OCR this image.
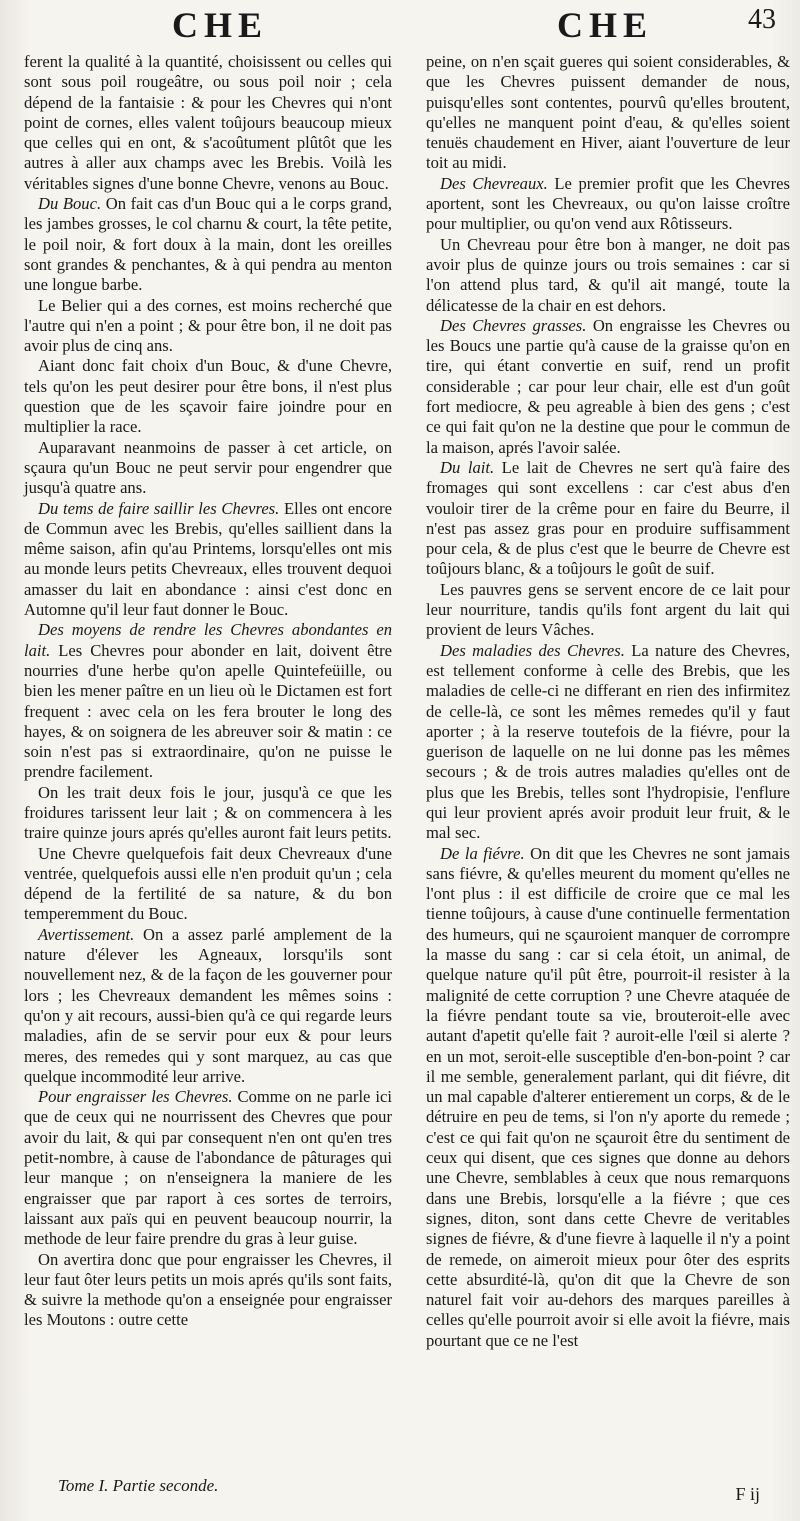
CHE	CHE	43

ferent la qualité à la quantité, choisissent ou celles qui sont sous poil rougeâtre, ou sous poil noir ; cela dépend de la fantaisie : & pour les Chevres qui n'ont point de cornes, elles valent toûjours beaucoup mieux que celles qui en ont, & s'acoûtument plûtôt que les autres à aller aux champs avec les Brebis. Voilà les véritables signes d'une bonne Chevre, venons au Bouc.

Du Bouc. On fait cas d'un Bouc qui a le corps grand, les jambes grosses, le col charnu & court, la tête petite, le poil noir, & fort doux à la main, dont les oreilles sont grandes & penchantes, & à qui pendra au menton une longue barbe.

Le Belier qui a des cornes, est moins recherché que l'autre qui n'en a point ; & pour être bon, il ne doit pas avoir plus de cinq ans.

Aiant donc fait choix d'un Bouc, & d'une Chevre, tels qu'on les peut desirer pour être bons, il n'est plus question que de les sçavoir faire joindre pour en multiplier la race.

Auparavant neanmoins de passer à cet article, on sçaura qu'un Bouc ne peut servir pour engendrer que jusqu'à quatre ans.

Du tems de faire saillir les Chevres. Elles ont encore de Commun avec les Brebis, qu'elles saillient dans la même saison, afin qu'au Printems, lorsqu'elles ont mis au monde leurs petits Chevreaux, elles trouvent dequoi amasser du lait en abondance : ainsi c'est donc en Automne qu'il leur faut donner le Bouc.

Des moyens de rendre les Chevres abondantes en lait. Les Chevres pour abonder en lait, doivent être nourries d'une herbe qu'on apelle Quintefeüille, ou bien les mener paître en un lieu où le Dictamen est fort frequent : avec cela on les fera brouter le long des hayes, & on soignera de les abreuver soir & matin : ce soin n'est pas si extraordinaire, qu'on ne puisse le prendre facilement.

On les trait deux fois le jour, jusqu'à ce que les froidures tarissent leur lait ; & on commencera à les traire quinze jours aprés qu'elles auront fait leurs petits.

Une Chevre quelquefois fait deux Chevreaux d'une ventrée, quelquefois aussi elle n'en produit qu'un ; cela dépend de la fertilité de sa nature, & du bon temperemment du Bouc.

Avertissement. On a assez parlé amplement de la nature d'élever les Agneaux, lorsqu'ils sont nouvellement nez, & de la façon de les gouverner pour lors ; les Chevreaux demandent les mêmes soins : qu'on y ait recours, aussi-bien qu'à ce qui regarde leurs maladies, afin de se servir pour eux & pour leurs meres, des remedes qui y sont marquez, au cas que quelque incommodité leur arrive.

Pour engraisser les Chevres. Comme on ne parle ici que de ceux qui ne nourrissent des Chevres que pour avoir du lait, & qui par consequent n'en ont qu'en tres petit-nombre, à cause de l'abondance de pâturages qui leur manque ; on n'enseignera la maniere de les engraisser que par raport à ces sortes de terroirs, laissant aux païs qui en peuvent beaucoup nourrir, la methode de leur faire prendre du gras à leur guise.

On avertira donc que pour engraisser les Chevres, il leur faut ôter leurs petits un mois aprés qu'ils sont faits, & suivre la methode qu'on a enseignée pour engraisser les Moutons : outre cette

peine, on n'en sçait gueres qui soient considerables, & que les Chevres puissent demander de nous, puisqu'elles sont contentes, pourvû qu'elles broutent, qu'elles ne manquent point d'eau, & qu'elles soient tenuës chaudement en Hiver, aiant l'ouverture de leur toit au midi.

Des Chevreaux. Le premier profit que les Chevres aportent, sont les Chevreaux, ou qu'on laisse croître pour multiplier, ou qu'on vend aux Rôtisseurs.

Un Chevreau pour être bon à manger, ne doit pas avoir plus de quinze jours ou trois semaines : car si l'on attend plus tard, & qu'il ait mangé, toute la délicatesse de la chair en est dehors.

Des Chevres grasses. On engraisse les Chevres ou les Boucs une partie qu'à cause de la graisse qu'on en tire, qui étant convertie en suif, rend un profit considerable ; car pour leur chair, elle est d'un goût fort mediocre, & peu agreable à bien des gens ; c'est ce qui fait qu'on ne la destine que pour le commun de la maison, aprés l'avoir salée.

Du lait. Le lait de Chevres ne sert qu'à faire des fromages qui sont excellens : car c'est abus d'en vouloir tirer de la crême pour en faire du Beurre, il n'est pas assez gras pour en produire suffisamment pour cela, & de plus c'est que le beurre de Chevre est toûjours blanc, & a toûjours le goût de suif.

Les pauvres gens se servent encore de ce lait pour leur nourriture, tandis qu'ils font argent du lait qui provient de leurs Vâches.

Des maladies des Chevres. La nature des Chevres, est tellement conforme à celle des Brebis, que les maladies de celle-ci ne differant en rien des infirmitez de celle-là, ce sont les mêmes remedes qu'il y faut aporter ; à la reserve toutefois de la fiévre, pour la guerison de laquelle on ne lui donne pas les mêmes secours ; & de trois autres maladies qu'elles ont de plus que les Brebis, telles sont l'hydropisie, l'enflure qui leur provient aprés avoir produit leur fruit, & le mal sec.

De la fiévre. On dit que les Chevres ne sont jamais sans fiévre, & qu'elles meurent du moment qu'elles ne l'ont plus : il est difficile de croire que ce mal les tienne toûjours, à cause d'une continuelle fermentation des humeurs, qui ne sçauroient manquer de corrompre la masse du sang : car si cela étoit, un animal, de quelque nature qu'il pût être, pourroit-il resister à la malignité de cette corruption ? une Chevre ataquée de la fiévre pendant toute sa vie, brouteroit-elle avec autant d'apetit qu'elle fait ? auroit-elle l'œil si alerte ? en un mot, seroit-elle susceptible d'en-bon-point ? car il me semble, generalement parlant, qui dit fiévre, dit un mal capable d'alterer entierement un corps, & de le détruire en peu de tems, si l'on n'y aporte du remede ; c'est ce qui fait qu'on ne sçauroit être du sentiment de ceux qui disent, que ces signes que donne au dehors une Chevre, semblables à ceux que nous remarquons dans une Brebis, lorsqu'elle a la fiévre ; que ces signes, diton, sont dans cette Chevre de veritables signes de fiévre, & d'une fievre à laquelle il n'y a point de remede, on aimeroit mieux pour ôter des esprits cette absurdité-là, qu'on dit que la Chevre de son naturel fait voir au-dehors des marques pareilles à celles qu'elle pourroit avoir si elle avoit la fiévre, mais pourtant que ce ne l'est

Tome I. Partie seconde.	F ij
